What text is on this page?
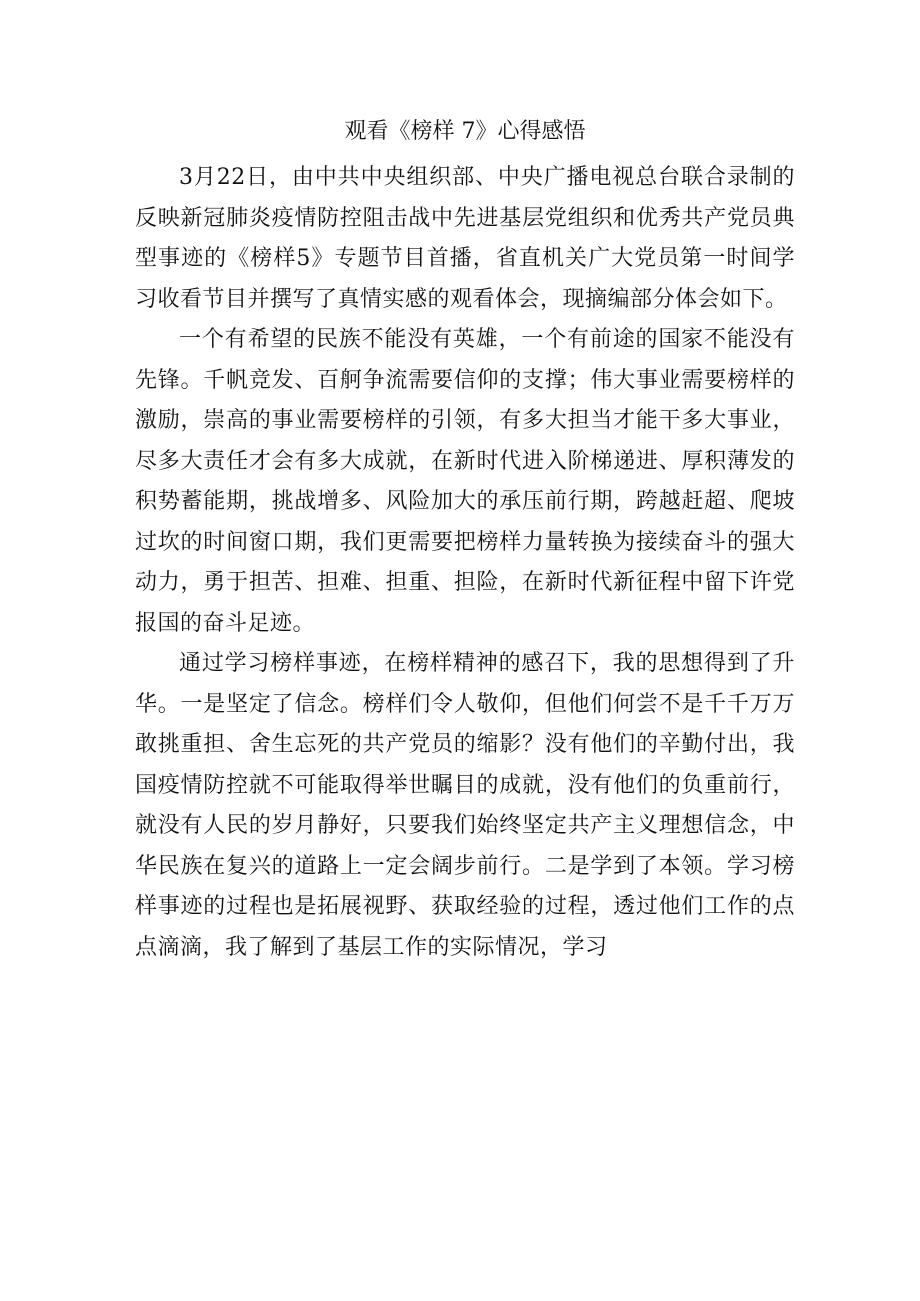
观看《榜样 7》心得感悟

3月22日，由中共中央组织部、中央广播电视总台联合录制的反映新冠肺炎疫情防控阻击战中先进基层党组织和优秀共产党员典型事迹的《榜样5》专题节目首播，省直机关广大党员第一时间学习收看节目并撰写了真情实感的观看体会，现摘编部分体会如下。

一个有希望的民族不能没有英雄，一个有前途的国家不能没有先锋。千帆竞发、百舸争流需要信仰的支撑；伟大事业需要榜样的激励，崇高的事业需要榜样的引领，有多大担当才能干多大事业，尽多大责任才会有多大成就，在新时代进入阶梯递进、厚积薄发的积势蓄能期，挑战增多、风险加大的承压前行期，跨越赶超、爬坡过坎的时间窗口期，我们更需要把榜样力量转换为接续奋斗的强大动力，勇于担苦、担难、担重、担险，在新时代新征程中留下许党报国的奋斗足迹。

通过学习榜样事迹，在榜样精神的感召下，我的思想得到了升华。一是坚定了信念。榜样们令人敬仰，但他们何尝不是千千万万敢挑重担、舍生忘死的共产党员的缩影？没有他们的辛勤付出，我国疫情防控就不可能取得举世瞩目的成就，没有他们的负重前行，就没有人民的岁月静好，只要我们始终坚定共产主义理想信念，中华民族在复兴的道路上一定会阔步前行。二是学到了本领。学习榜样事迹的过程也是拓展视野、获取经验的过程，透过他们工作的点点滴滴，我了解到了基层工作的实际情况，学习
